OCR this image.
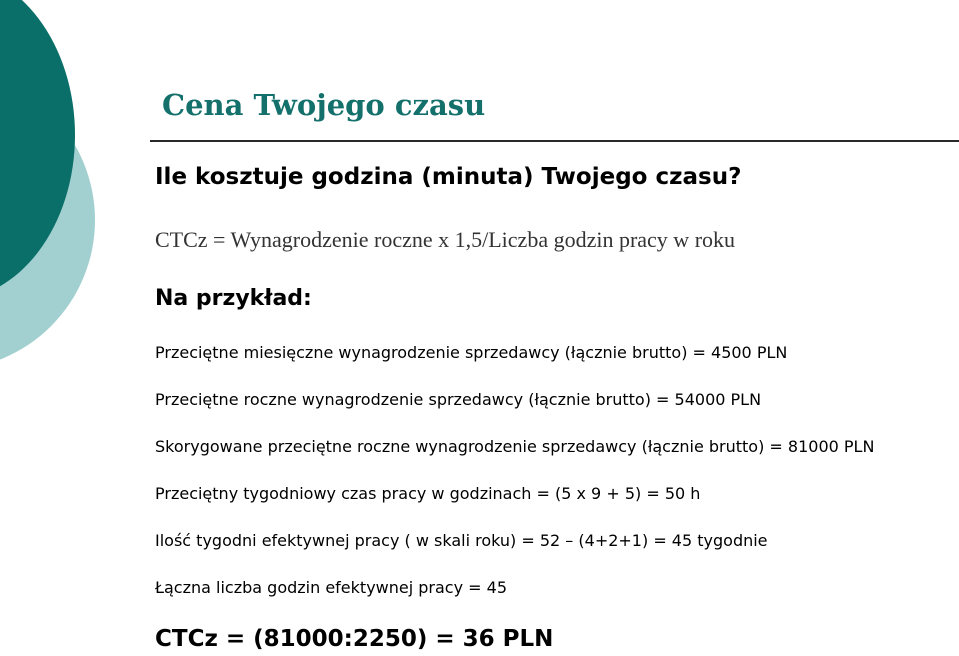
Cena Twojego czasu
Ile kosztuje godzina (minuta) Twojego czasu?
CTCz = Wynagrodzenie roczne x 1,5/Liczba godzin pracy w roku
Na przykład:
Przeciętne miesięczne wynagrodzenie sprzedawcy (łącznie brutto) = 4500 PLN
Przeciętne roczne wynagrodzenie sprzedawcy (łącznie brutto) = 54000 PLN
Skorygowane przeciętne roczne wynagrodzenie sprzedawcy (łącznie brutto) = 81000 PLN
Przeciętny tygodniowy czas pracy w godzinach = (5 x 9 + 5) = 50 h
Ilość tygodni efektywnej pracy ( w skali roku) = 52 – (4+2+1) = 45 tygodnie
Łączna liczba godzin efektywnej pracy = 45
CTCz = (81000:2250) = 36 PLN
